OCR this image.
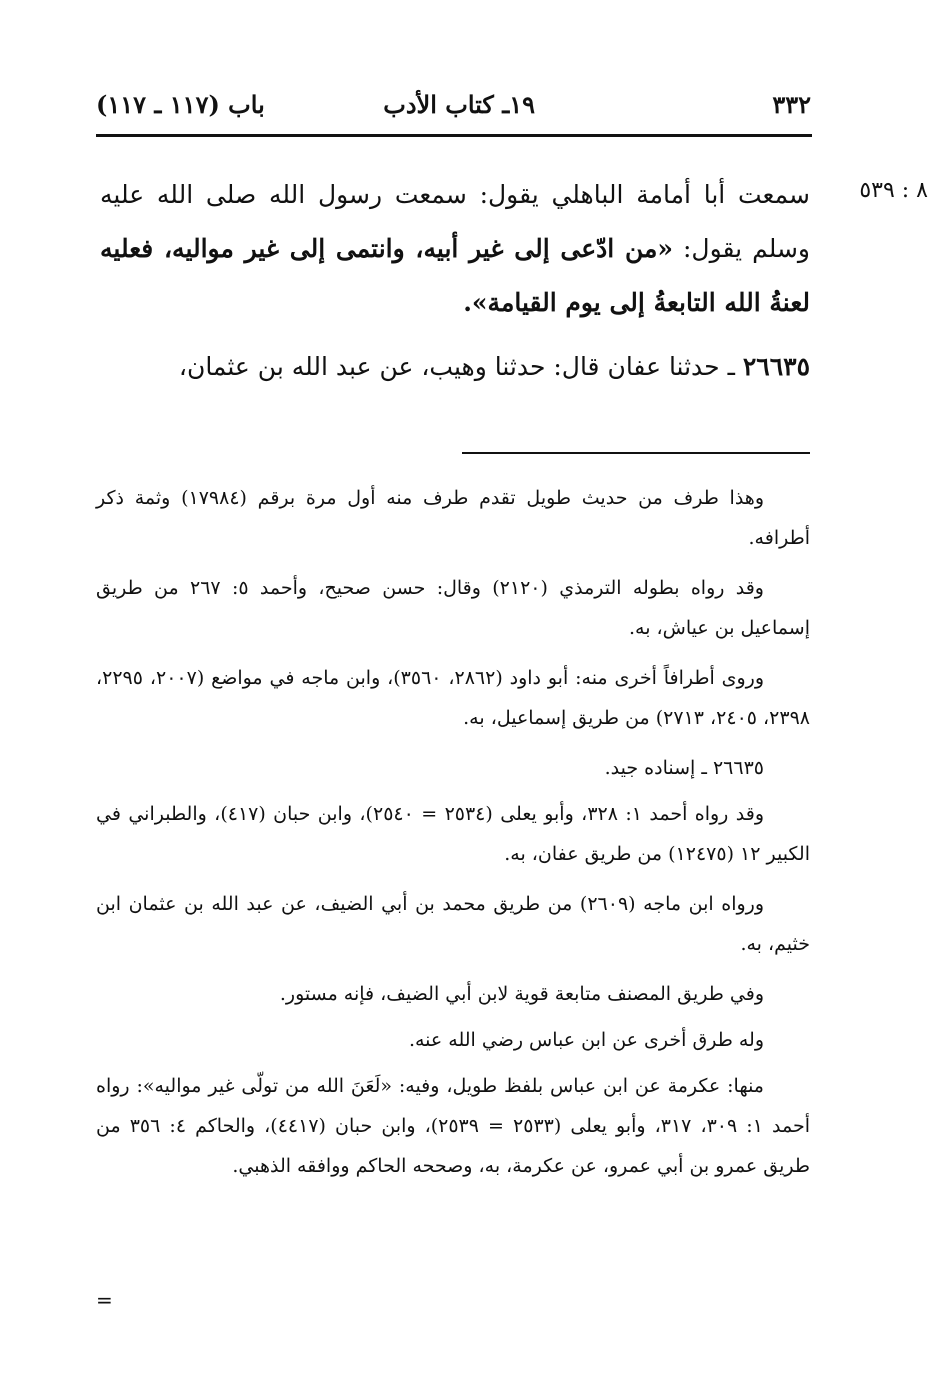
٣٣٢
١٩ـ كتاب الأدب
باب (١١٧ ـ ١١٧)
٨ : ٥٣٩

سمعت أبا أمامة الباهلي يقول: سمعت رسول الله صلى الله عليه وسلم يقول: «من ادّعى إلى غير أبيه، وانتمى إلى غير مواليه، فعليه لعنةُ الله التابعةُ إلى يوم القيامة».

٢٦٦٣٥ ـ حدثنا عفان قال: حدثنا وهيب، عن عبد الله بن عثمان،

وهذا طرف من حديث طويل تقدم طرف منه أول مرة برقم (١٧٩٨٤) وثمة ذكر أطرافه.

وقد رواه بطوله الترمذي (٢١٢٠) وقال: حسن صحيح، وأحمد ٥: ٢٦٧ من طريق إسماعيل بن عياش، به.

وروى أطرافاً أخرى منه: أبو داود (٢٨٦٢، ٣٥٦٠)، وابن ماجه في مواضع (٢٠٠٧، ٢٢٩٥، ٢٣٩٨، ٢٤٠٥، ٢٧١٣) من طريق إسماعيل، به.

٢٦٦٣٥ ـ إسناده جيد.

وقد رواه أحمد ١: ٣٢٨، وأبو يعلى (٢٥٣٤ = ٢٥٤٠)، وابن حبان (٤١٧)، والطبراني في الكبير ١٢ (١٢٤٧٥) من طريق عفان، به.

ورواه ابن ماجه (٢٦٠٩) من طريق محمد بن أبي الضيف، عن عبد الله بن عثمان ابن خثيم، به.

وفي طريق المصنف متابعة قوية لابن أبي الضيف، فإنه مستور.

وله طرق أخرى عن ابن عباس رضي الله عنه.

منها: عكرمة عن ابن عباس بلفظ طويل، وفيه: «لَعَنَ الله من تولّى غير مواليه»: رواه أحمد ١: ٣٠٩، ٣١٧، وأبو يعلى (٢٥٣٣ = ٢٥٣٩)، وابن حبان (٤٤١٧)، والحاكم ٤: ٣٥٦ من طريق عمرو بن أبي عمرو، عن عكرمة، به، وصححه الحاكم ووافقه الذهبي.

=
